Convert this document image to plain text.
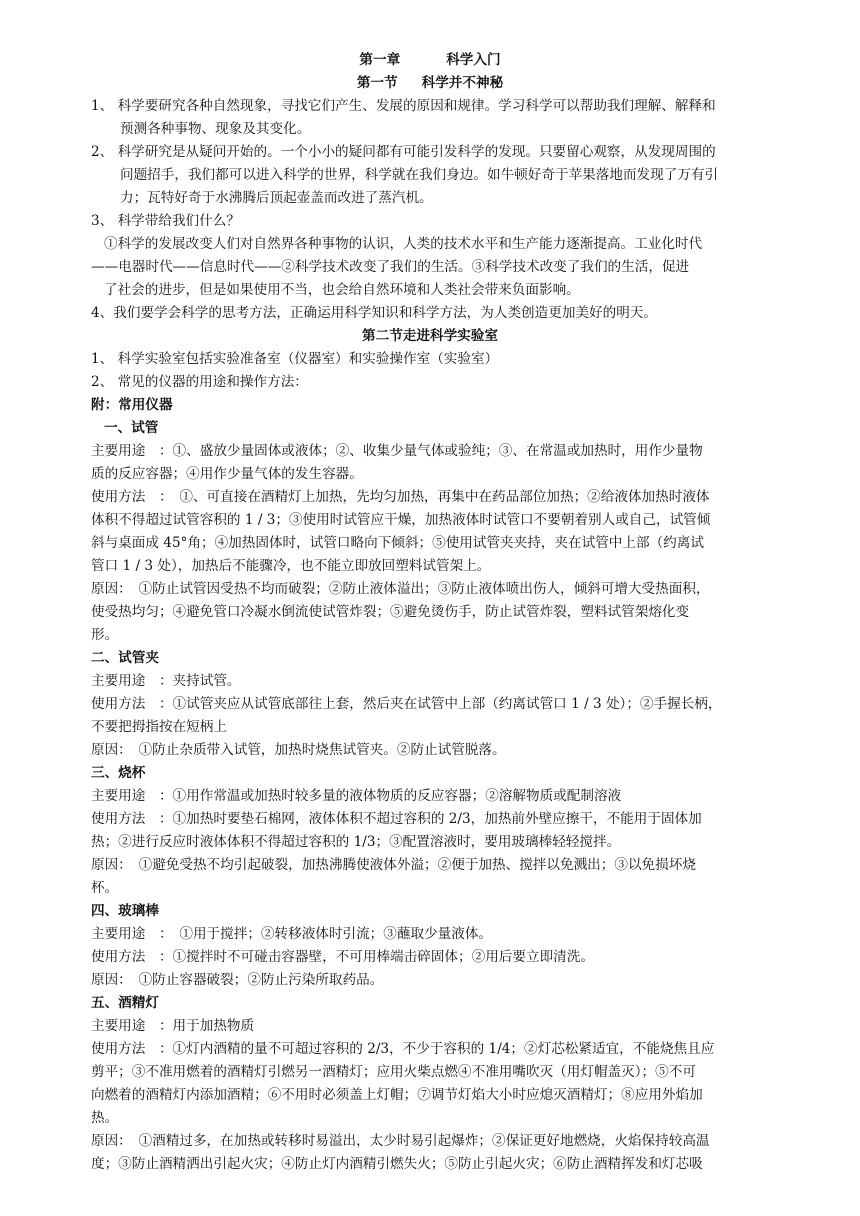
第一章	科学入门
第一节 科学并不神秘
1、 科学要研究各种自然现象，寻找它们产生、发展的原因和规律。学习科学可以帮助我们理解、解释和
预测各种事物、现象及其变化。
2、 科学研究是从疑问开始的。一个小小的疑问都有可能引发科学的发现。只要留心观察，从发现周围的
问题招手，我们都可以进入科学的世界，科学就在我们身边。如牛顿好奇于苹果落地而发现了万有引
力；瓦特好奇于水沸腾后顶起壶盖而改进了蒸汽机。
3、 科学带给我们什么？
①科学的发展改变人们对自然界各种事物的认识，人类的技术水平和生产能力逐渐提高。工业化时代
——电器时代——信息时代——②科学技术改变了我们的生活。③科学技术改变了我们的生活，促进
了社会的进步，但是如果使用不当，也会给自然环境和人类社会带来负面影响。
4、我们要学会科学的思考方法，正确运用科学知识和科学方法，为人类创造更加美好的明天。
第二节走进科学实验室
1、 科学实验室包括实验准备室（仪器室）和实验操作室（实验室）
2、 常见的仪器的用途和操作方法：
附：常用仪器
一、试管
主要用途　：①、盛放少量固体或液体；②、收集少量气体或验纯；③、在常温或加热时，用作少量物
质的反应容器；④用作少量气体的发生容器。
使用方法　：　①、可直接在酒精灯上加热，先均匀加热，再集中在药品部位加热；②给液体加热时液体
体积不得超过试管容积的 1 / 3；③使用时试管应干燥，加热液体时试管口不要朝着别人或自己，试管倾
斜与桌面成 45°角；④加热固体时，试管口略向下倾斜；⑤使用试管夹夹持，夹在试管中上部（约离试
管口 1 / 3 处），加热后不能骤冷，也不能立即放回塑料试管架上。
原因：　①防止试管因受热不均而破裂；②防止液体溢出；③防止液体喷出伤人，倾斜可增大受热面积，
使受热均匀；④避免管口冷凝水倒流使试管炸裂；⑤避免烫伤手，防止试管炸裂，塑料试管架熔化变
形。
二、试管夹
主要用途　：夹持试管。
使用方法　：①试管夹应从试管底部往上套，然后夹在试管中上部（约离试管口 1 / 3 处）；②手握长柄，
不要把拇指按在短柄上
原因：　①防止杂质带入试管，加热时烧焦试管夹。②防止试管脱落。
三、烧杯
主要用途　：①用作常温或加热时较多量的液体物质的反应容器；②溶解物质或配制溶液
使用方法　：①加热时要垫石棉网，液体体积不超过容积的 2/3，加热前外壁应擦干，不能用于固体加
热；②进行反应时液体体积不得超过容积的 1/3；③配置溶液时，要用玻璃棒轻轻搅拌。
原因：　①避免受热不均引起破裂，加热沸腾使液体外溢；②便于加热、搅拌以免溅出；③以免损坏烧
杯。
四、玻璃棒
主要用途　：　①用于搅拌；②转移液体时引流；③蘸取少量液体。
使用方法　：①搅拌时不可碰击容器壁，不可用棒端击碎固体；②用后要立即清洗。
原因：　①防止容器破裂；②防止污染所取药品。
五、酒精灯
主要用途　：用于加热物质
使用方法　：①灯内酒精的量不可超过容积的 2/3，不少于容积的 1/4；②灯芯松紧适宜，不能烧焦且应
剪平；③不准用燃着的酒精灯引燃另一酒精灯；应用火柴点燃④不准用嘴吹灭（用灯帽盖灭）；⑤不可
向燃着的酒精灯内添加酒精；⑥不用时必须盖上灯帽；⑦调节灯焰大小时应熄灭酒精灯；⑧应用外焰加
热。
原因：　①酒精过多，在加热或转移时易溢出，太少时易引起爆炸；②保证更好地燃烧，火焰保持较高温
度；③防止酒精洒出引起火灾；④防止灯内酒精引燃失火；⑤防止引起火灾；⑥防止酒精挥发和灯芯吸
